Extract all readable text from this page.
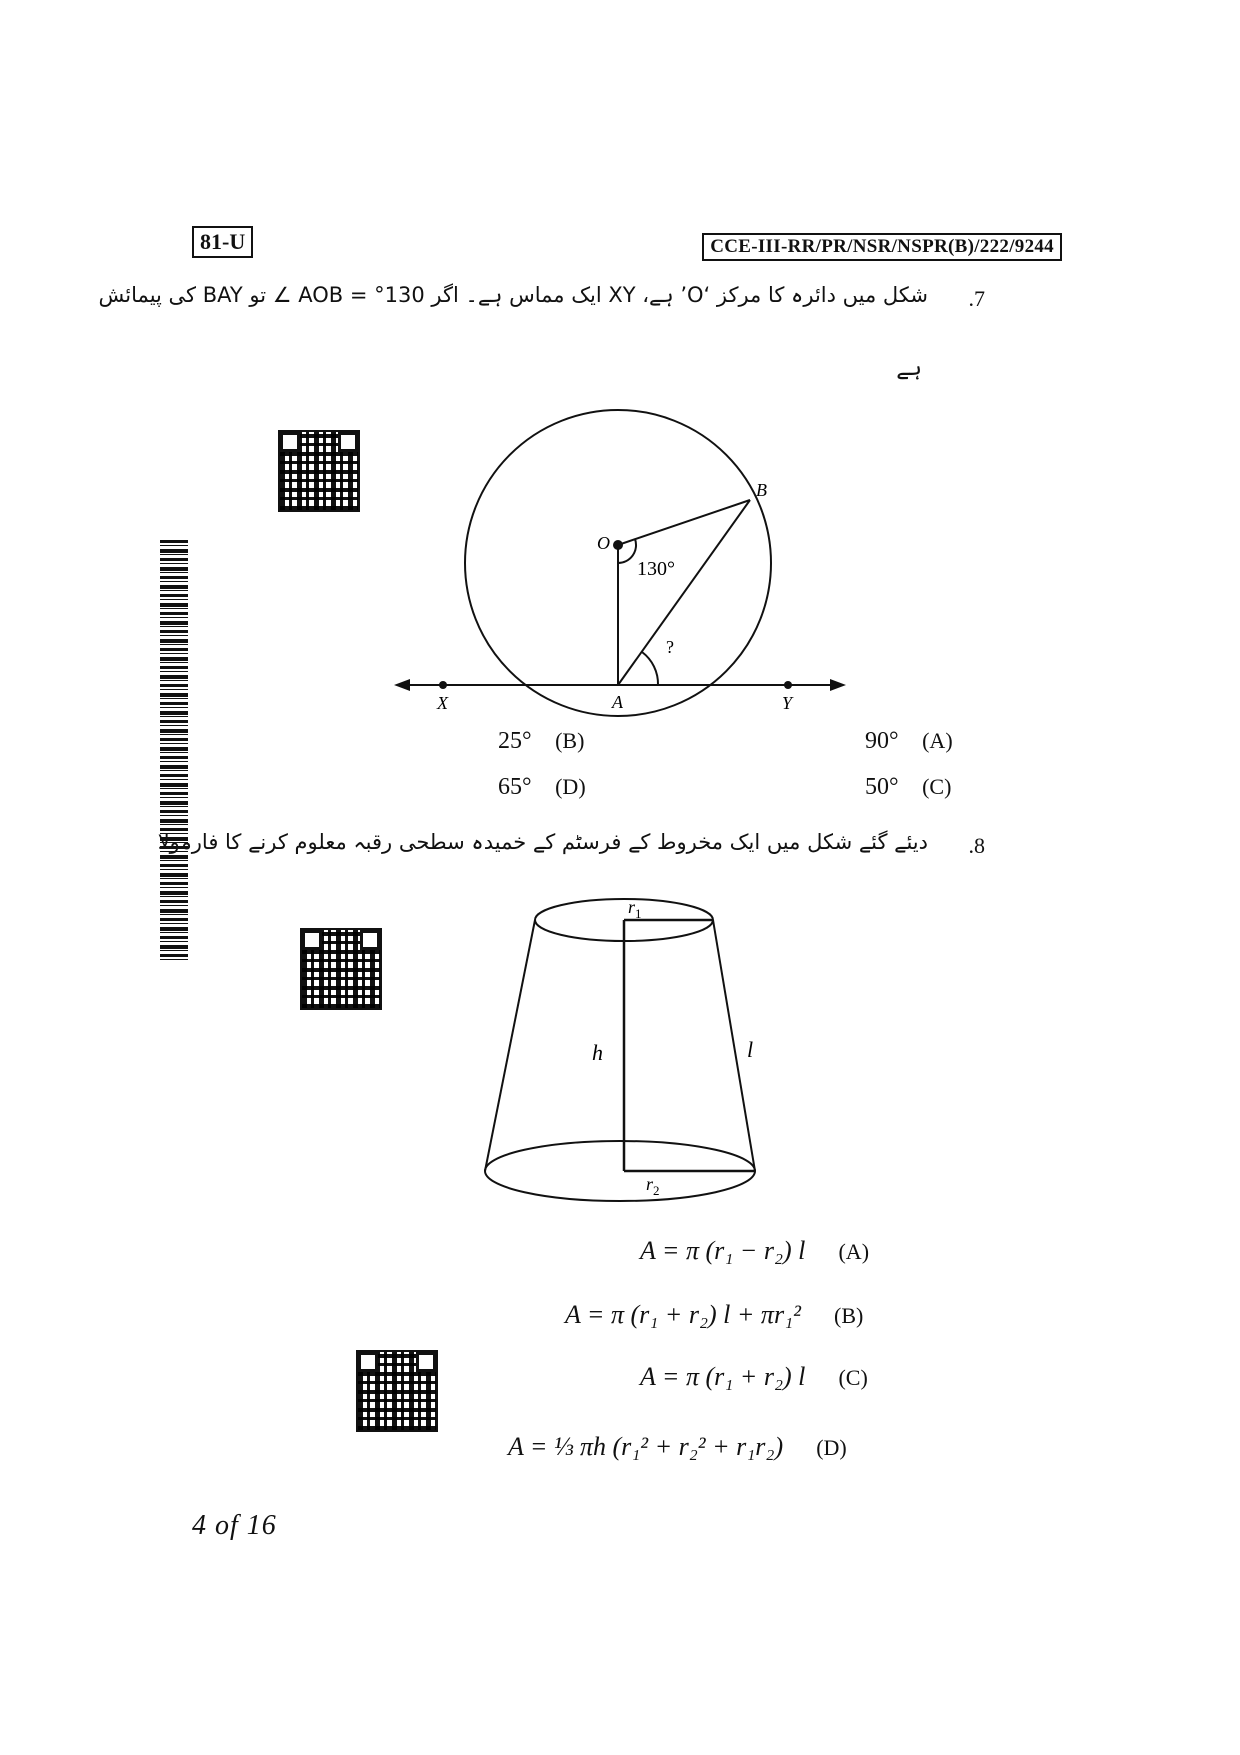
81-U	CCE-III-RR/PR/NSR/NSPR(B)/222/9244
.7
شکل میں دائرہ کا مرکز ‘O’ ہے، XY ایک مماس ہے۔ اگر 130° = AOB ∠ تو BAY کی پیمائش
ہے
O
B
A
X	Y
130°
?
90° (A)
25° (B)
50° (C)
65° (D)
.8
دیئے گئے شکل میں ایک مخروط کے فرسٹم کے خمیدہ سطحی رقبہ معلوم کرنے کا فارمولا
$r_1$
$r_2$
h	l
A = π (r₁ − r₂) l (A)
A = π (r₁ + r₂) l + πr₁² (B)
A = π (r₁ + r₂) l (C)
A = ⅓ πh (r₁² + r₂² + r₁r₂) (D)
4 of 16
